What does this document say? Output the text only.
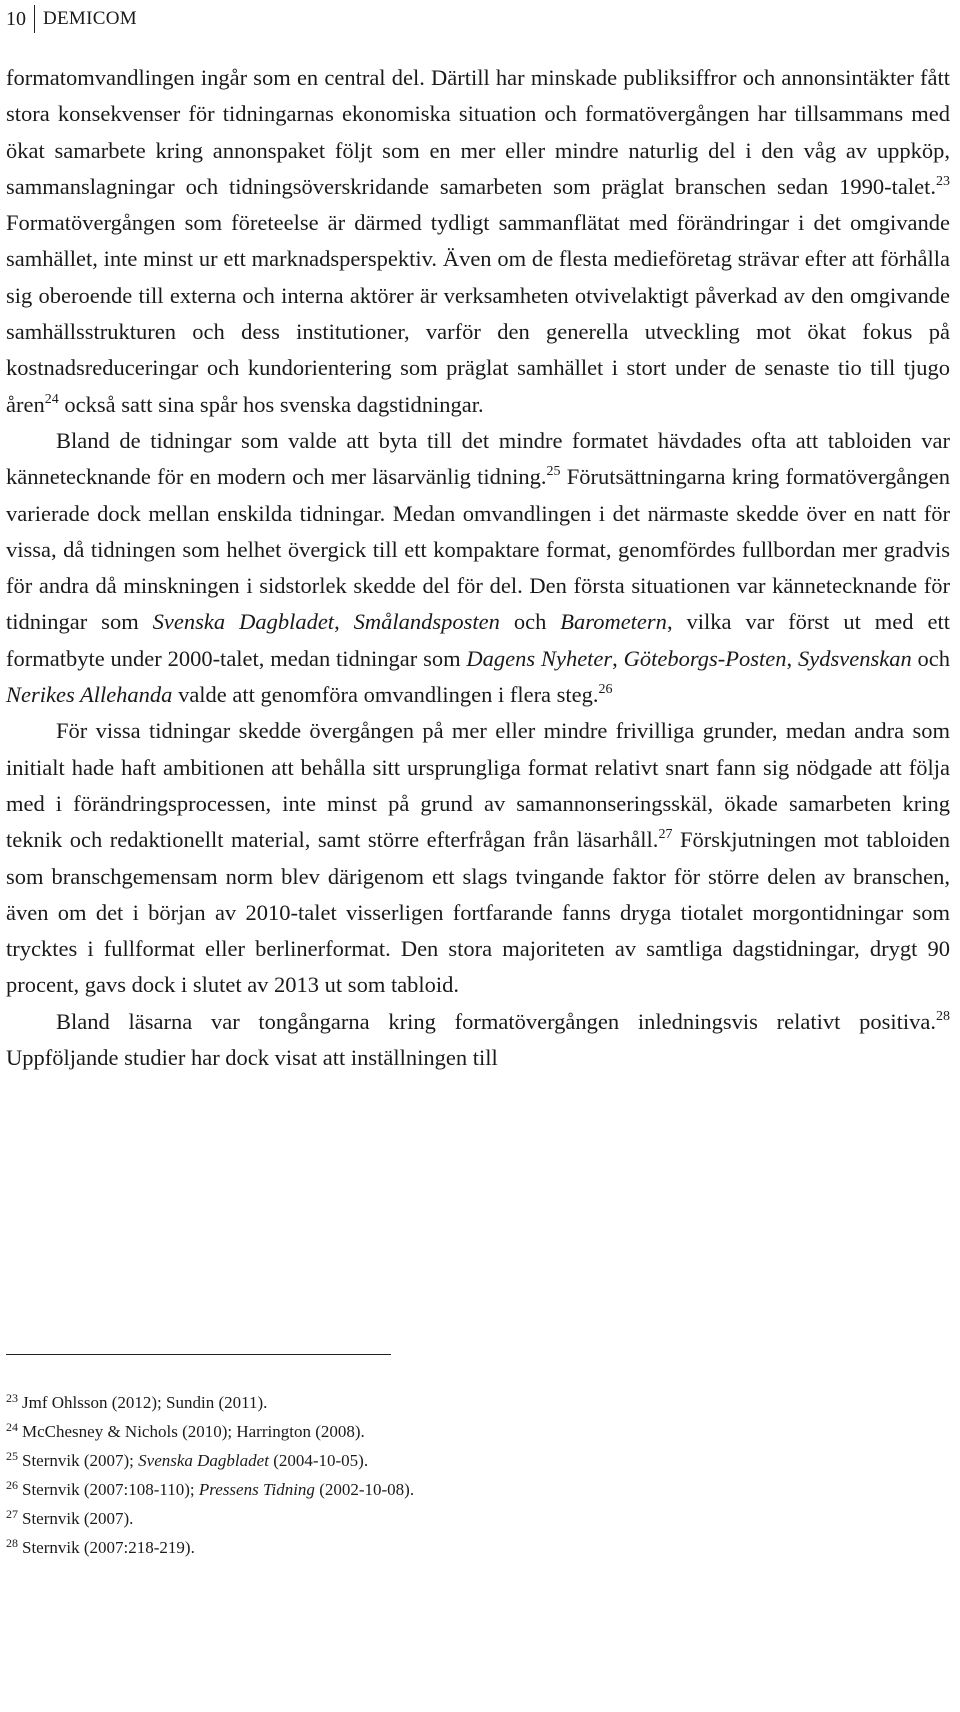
10 DEMICOM

formatomvandlingen ingår som en central del. Därtill har minskade publiksiffror och annonsintäkter fått stora konsekvenser för tidningarnas ekonomiska situation och formatövergången har tillsammans med ökat samarbete kring annonspaket följt som en mer eller mindre naturlig del i den våg av uppköp, sammanslagningar och tidningsöverskridande samarbeten som präglat branschen sedan 1990-talet.$^{23}$ Formatövergången som företeelse är därmed tydligt sammanflätat med förändringar i det omgivande samhället, inte minst ur ett marknadsperspektiv. Även om de flesta medieföretag strävar efter att förhålla sig oberoende till externa och interna aktörer är verksamheten otvivelaktigt påverkad av den omgivande samhällsstrukturen och dess institutioner, varför den generella utveckling mot ökat fokus på kostnadsreduceringar och kundorientering som präglat samhället i stort under de senaste tio till tjugo åren$^{24}$ också satt sina spår hos svenska dagstidningar.

Bland de tidningar som valde att byta till det mindre formatet hävdades ofta att tabloiden var kännetecknande för en modern och mer läsarvänlig tidning.$^{25}$ Förutsättningarna kring formatövergången varierade dock mellan enskilda tidningar. Medan omvandlingen i det närmaste skedde över en natt för vissa, då tidningen som helhet övergick till ett kompaktare format, genomfördes fullbordan mer gradvis för andra då minskningen i sidstorlek skedde del för del. Den första situationen var kännetecknande för tidningar som Svenska Dagbladet, Smålandsposten och Barometern, vilka var först ut med ett formatbyte under 2000-talet, medan tidningar som Dagens Nyheter, Göteborgs-Posten, Sydsvenskan och Nerikes Allehanda valde att genomföra omvandlingen i flera steg.$^{26}$

För vissa tidningar skedde övergången på mer eller mindre frivilliga grunder, medan andra som initialt hade haft ambitionen att behålla sitt ursprungliga format relativt snart fann sig nödgade att följa med i förändringsprocessen, inte minst på grund av samannonseringsskäl, ökade samarbeten kring teknik och redaktionellt material, samt större efterfrågan från läsarhåll.$^{27}$ Förskjutningen mot tabloiden som branschgemensam norm blev därigenom ett slags tvingande faktor för större delen av branschen, även om det i början av 2010-talet visserligen fortfarande fanns dryga tiotalet morgontidningar som trycktes i fullformat eller berlinerformat. Den stora majoriteten av samtliga dagstidningar, drygt 90 procent, gavs dock i slutet av 2013 ut som tabloid.

Bland läsarna var tongångarna kring formatövergången inledningsvis relativt positiva.$^{28}$ Uppföljande studier har dock visat att inställningen till

$^{23}$ Jmf Ohlsson (2012); Sundin (2011).
$^{24}$ McChesney & Nichols (2010); Harrington (2008).
$^{25}$ Sternvik (2007); Svenska Dagbladet (2004-10-05).
$^{26}$ Sternvik (2007:108-110); Pressens Tidning (2002-10-08).
$^{27}$ Sternvik (2007).
$^{28}$ Sternvik (2007:218-219).
